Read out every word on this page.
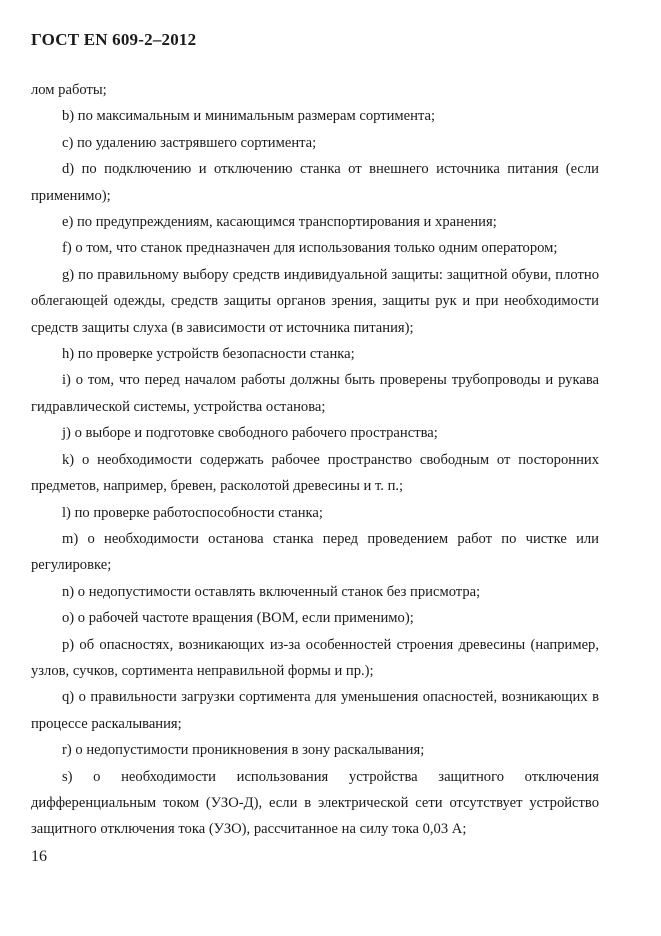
ГОСТ EN 609-2–2012

лом работы;

b) по максимальным и минимальным размерам сортимента;

c) по удалению застрявшего сортимента;

d) по подключению и отключению станка от внешнего источника питания (если применимо);

e) по предупреждениям, касающимся транспортирования и хранения;

f) о том, что станок предназначен для использования только одним оператором;

g) по правильному выбору средств индивидуальной защиты: защитной обуви, плотно облегающей одежды, средств защиты органов зрения, защиты рук и при необходимости средств защиты слуха (в зависимости от источника питания);

h) по проверке устройств безопасности станка;

i) о том, что перед началом работы должны быть проверены трубопроводы и рукава гидравлической системы, устройства останова;

j) о выборе и подготовке свободного рабочего пространства;

k) о необходимости содержать рабочее пространство свободным от посторонних предметов, например, бревен, расколотой древесины и т. п.;

l) по проверке работоспособности станка;

m) о необходимости останова станка перед проведением работ по чистке или регулировке;

n) о недопустимости оставлять включенный станок без присмотра;

o) о рабочей частоте вращения (ВОМ, если применимо);

p) об опасностях, возникающих из-за особенностей строения древесины (например, узлов, сучков, сортимента неправильной формы и пр.);

q) о правильности загрузки сортимента для уменьшения опасностей, возникающих в процессе раскалывания;

r) о недопустимости проникновения в зону раскалывания;

s) о необходимости использования устройства защитного отключения дифференциальным током (УЗО-Д), если в электрической сети отсутствует устройство защитного отключения тока (УЗО), рассчитанное на силу тока 0,03 А;

16
